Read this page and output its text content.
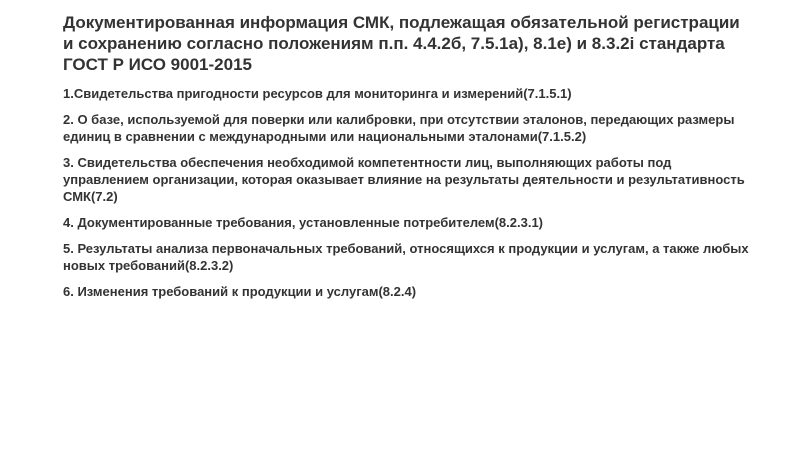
Документированная информация СМК, подлежащая обязательной регистрации и сохранению согласно положениям п.п. 4.4.2б, 7.5.1а), 8.1е) и 8.3.2i стандарта ГОСТ Р ИСО 9001-2015
1.Свидетельства пригодности ресурсов для мониторинга и измерений(7.1.5.1)
2. О базе, используемой для поверки или калибровки, при отсутствии эталонов, передающих размеры единиц в сравнении с международными или национальными эталонами(7.1.5.2)
3. Свидетельства обеспечения необходимой компетентности лиц, выполняющих работы под управлением организации, которая оказывает влияние на результаты деятельности и результативность СМК(7.2)
4. Документированные требования, установленные потребителем(8.2.3.1)
5. Результаты анализа первоначальных требований, относящихся к продукции и услугам, а также любых новых требований(8.2.3.2)
6. Изменения требований к продукции и услугам(8.2.4)
